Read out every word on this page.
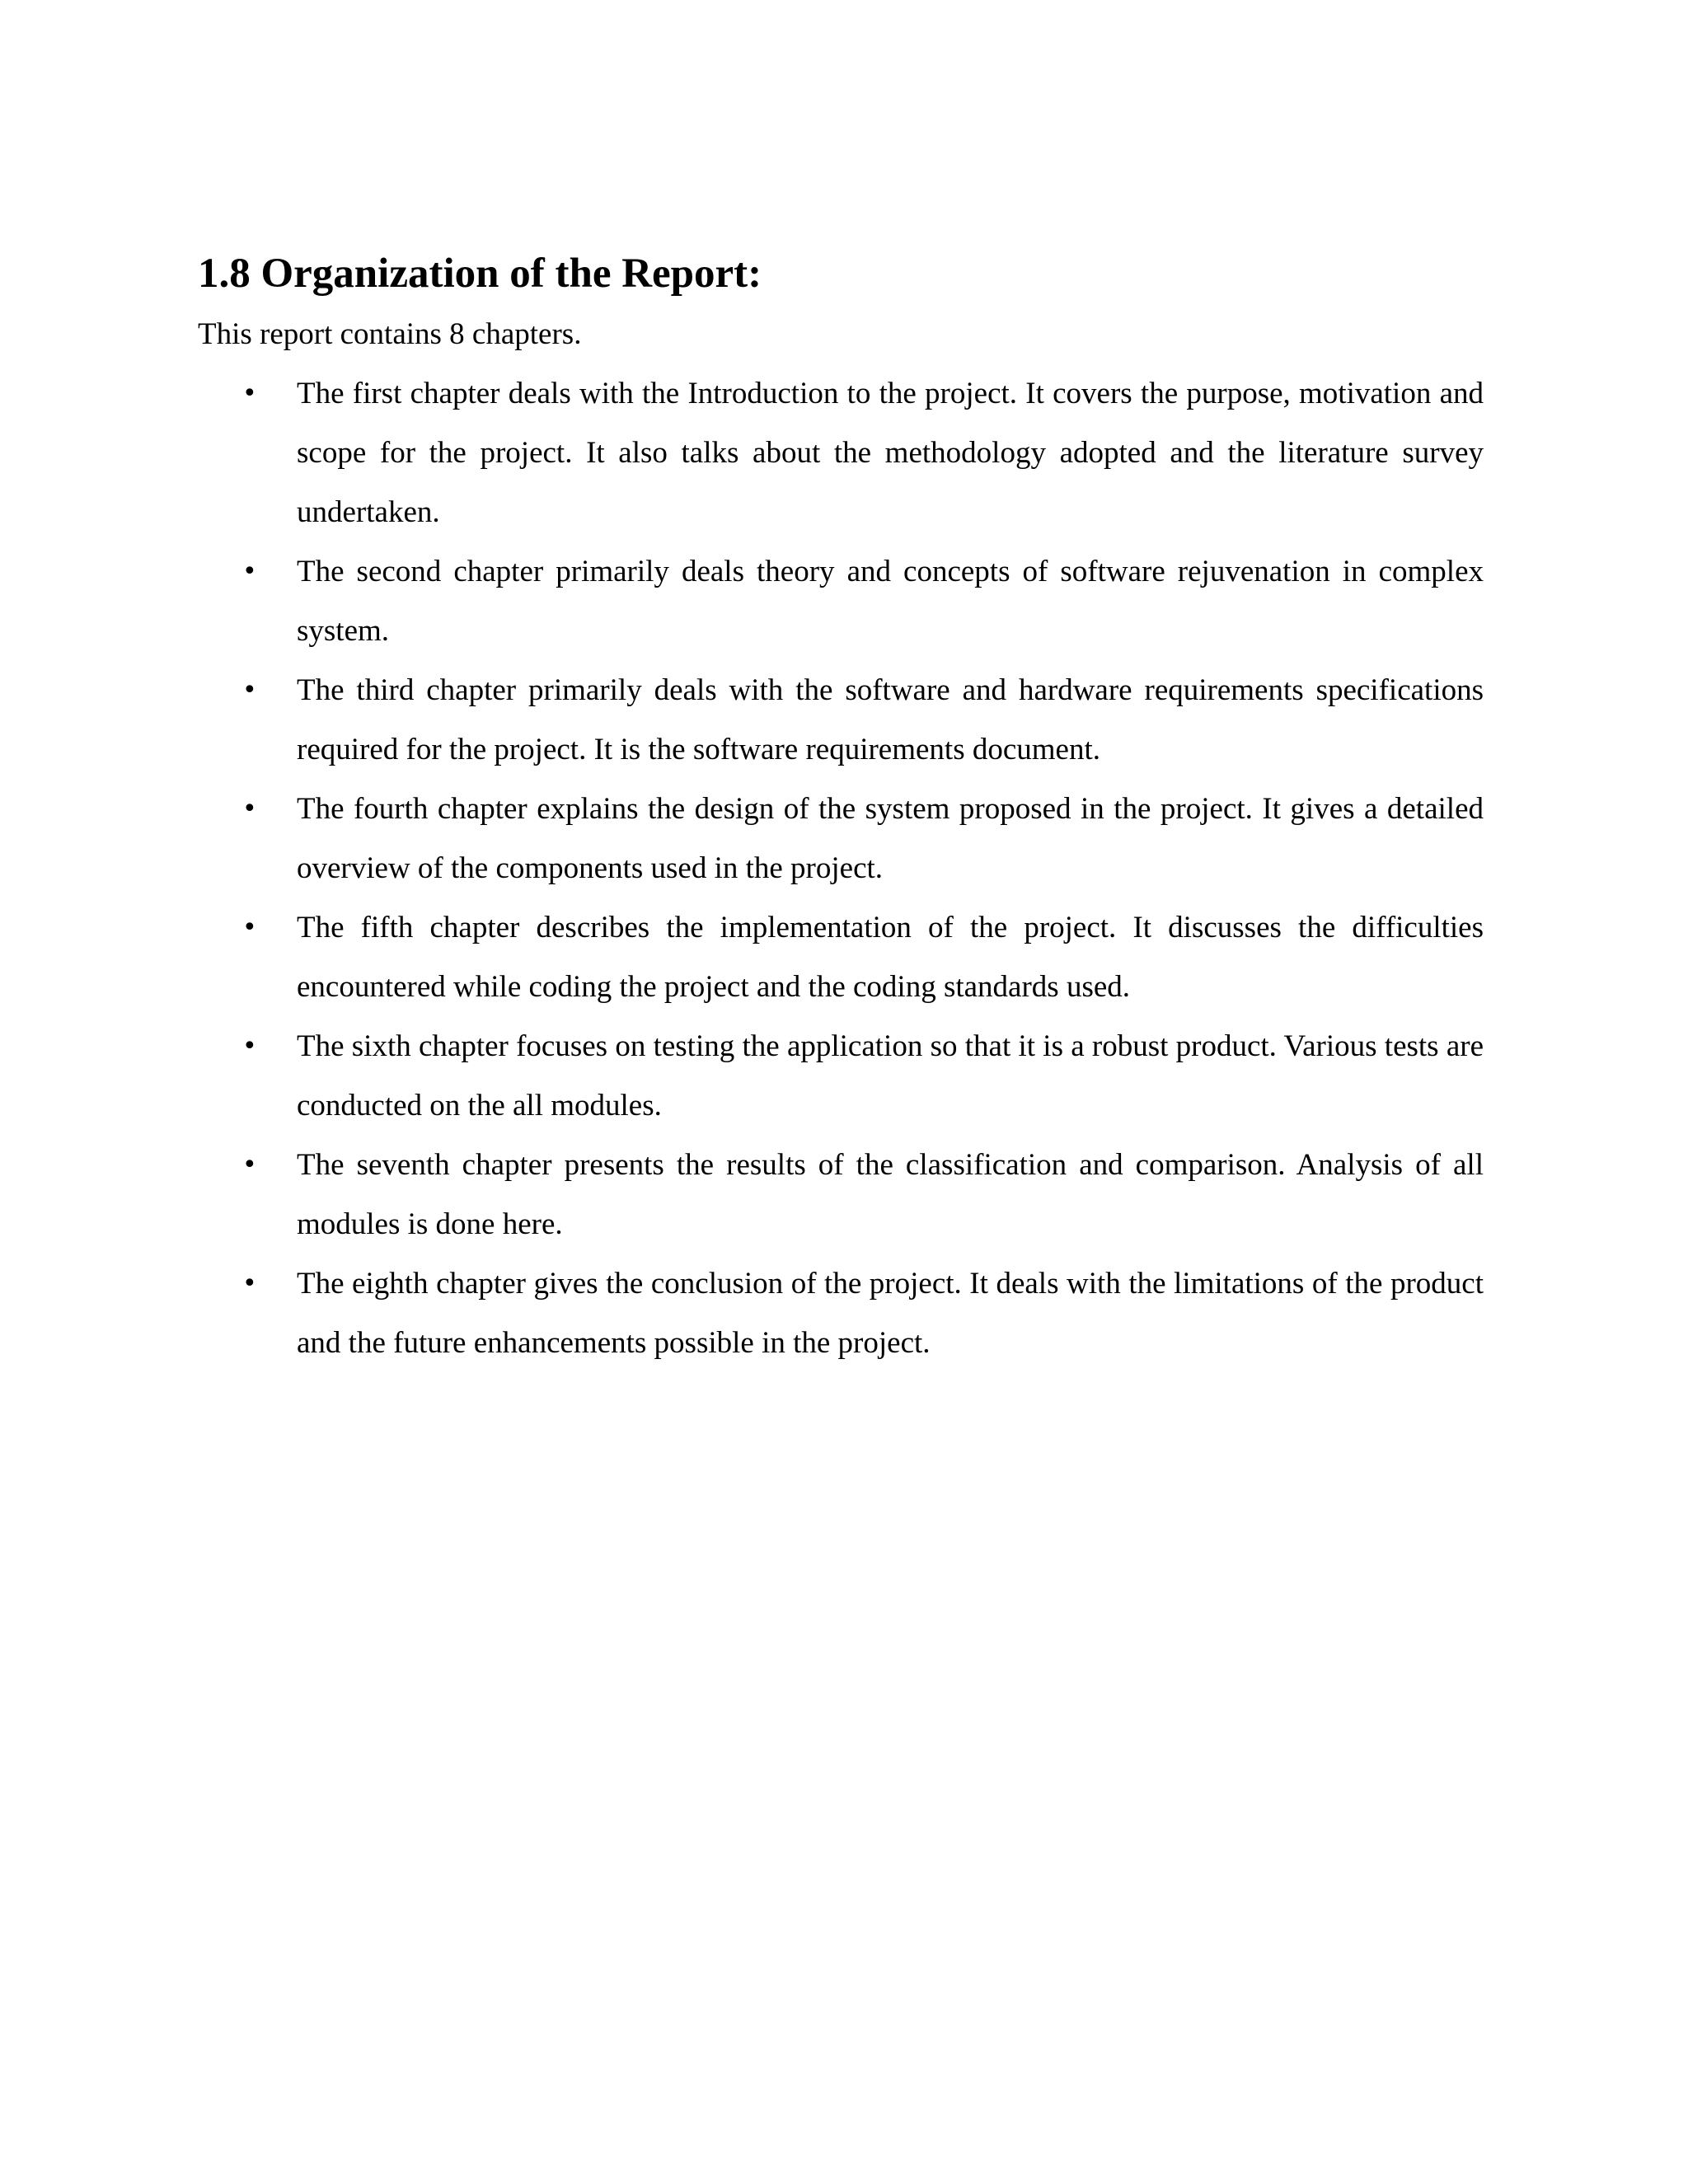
1.8 Organization of the Report:

This report contains 8 chapters.

• The first chapter deals with the Introduction to the project. It covers the purpose, motivation and scope for the project. It also talks about the methodology adopted and the literature survey undertaken.
• The second chapter primarily deals theory and concepts of software rejuvenation in complex system.
• The third chapter primarily deals with the software and hardware requirements specifications required for the project. It is the software requirements document.
• The fourth chapter explains the design of the system proposed in the project. It gives a detailed overview of the components used in the project.
• The fifth chapter describes the implementation of the project. It discusses the difficulties encountered while coding the project and the coding standards used.
• The sixth chapter focuses on testing the application so that it is a robust product. Various tests are conducted on the all modules.
• The seventh chapter presents the results of the classification and comparison. Analysis of all modules is done here.
• The eighth chapter gives the conclusion of the project. It deals with the limitations of the product and the future enhancements possible in the project.
